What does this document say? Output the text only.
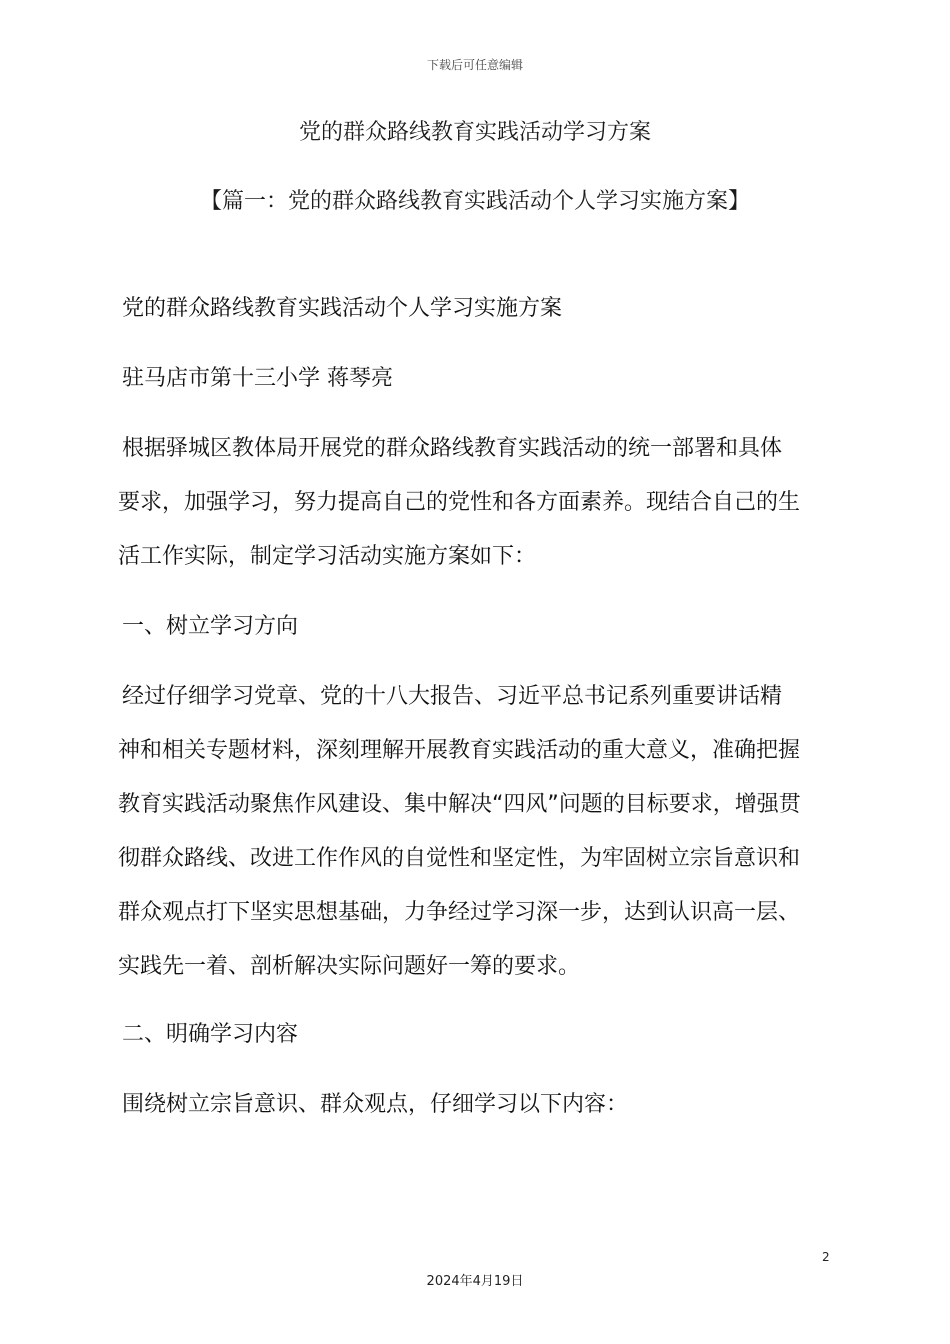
下载后可任意编辑
党的群众路线教育实践活动学习方案
【篇一：党的群众路线教育实践活动个人学习实施方案】
党的群众路线教育实践活动个人学习实施方案
驻马店市第十三小学 蒋琴亮
根据驿城区教体局开展党的群众路线教育实践活动的统一部署和具体
要求，加强学习，努力提高自己的党性和各方面素养。现结合自己的生
活工作实际，制定学习活动实施方案如下：
一、树立学习方向
经过仔细学习党章、党的十八大报告、习近平总书记系列重要讲话精
神和相关专题材料，深刻理解开展教育实践活动的重大意义，准确把握
教育实践活动聚焦作风建设、集中解决“四风”问题的目标要求，增强贯
彻群众路线、改进工作作风的自觉性和坚定性，为牢固树立宗旨意识和
群众观点打下坚实思想基础，力争经过学习深一步，达到认识高一层、
实践先一着、剖析解决实际问题好一筹的要求。
二、明确学习内容
围绕树立宗旨意识、群众观点，仔细学习以下内容：
2
2024年4月19日
